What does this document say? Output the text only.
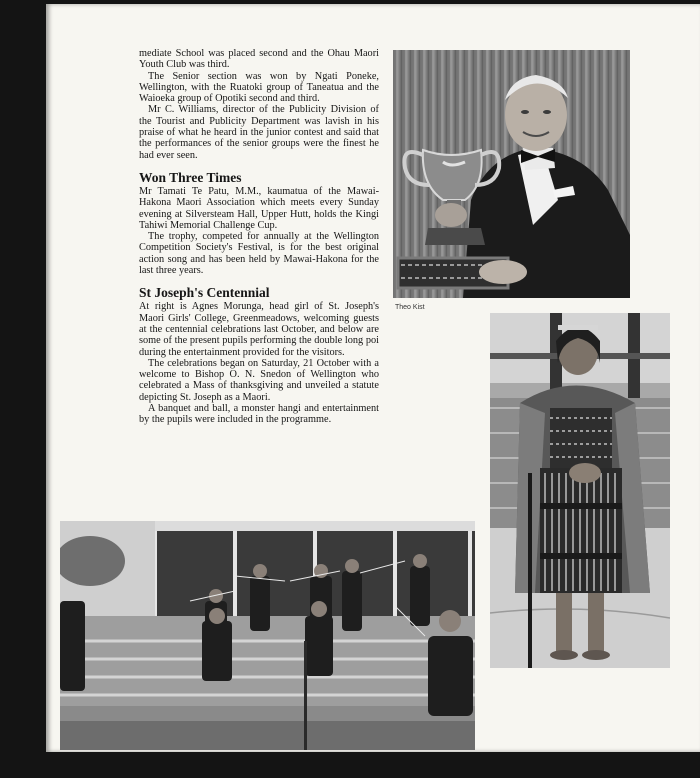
mediate School was placed second and the Ohau Maori Youth Club was third.

The Senior section was won by Ngati Poneke, Wellington, with the Ruatoki group of Taneatua and the Waioeka group of Opotiki second and third.

Mr C. Williams, director of the Publicity Division of the Tourist and Publicity Department was lavish in his praise of what he heard in the junior contest and said that the performances of the senior groups were the finest he had ever seen.

Won Three Times

Mr Tamati Te Patu, M.M., kaumatua of the Mawai-Hakona Maori Association which meets every Sunday evening at Silversteam Hall, Upper Hutt, holds the Kingi Tahiwi Memorial Challenge Cup.

The trophy, competed for annually at the Wellington Competition Society's Festival, is for the best original action song and has been held by Mawai-Hakona for the last three years.

St Joseph's Centennial

At right is Agnes Morunga, head girl of St. Joseph's Maori Girls' College, Greenmeadows, welcoming guests at the centennial celebrations last October, and below are some of the present pupils performing the double long poi during the entertainment provided for the visitors.

The celebrations began on Saturday, 21 October with a welcome to Bishop O. N. Snedon of Wellington who celebrated a Mass of thanksgiving and unveiled a statute depicting St. Joseph as a Maori.

A banquet and ball, a monster hangi and entertainment by the pupils were included in the programme.

Theo Kist
